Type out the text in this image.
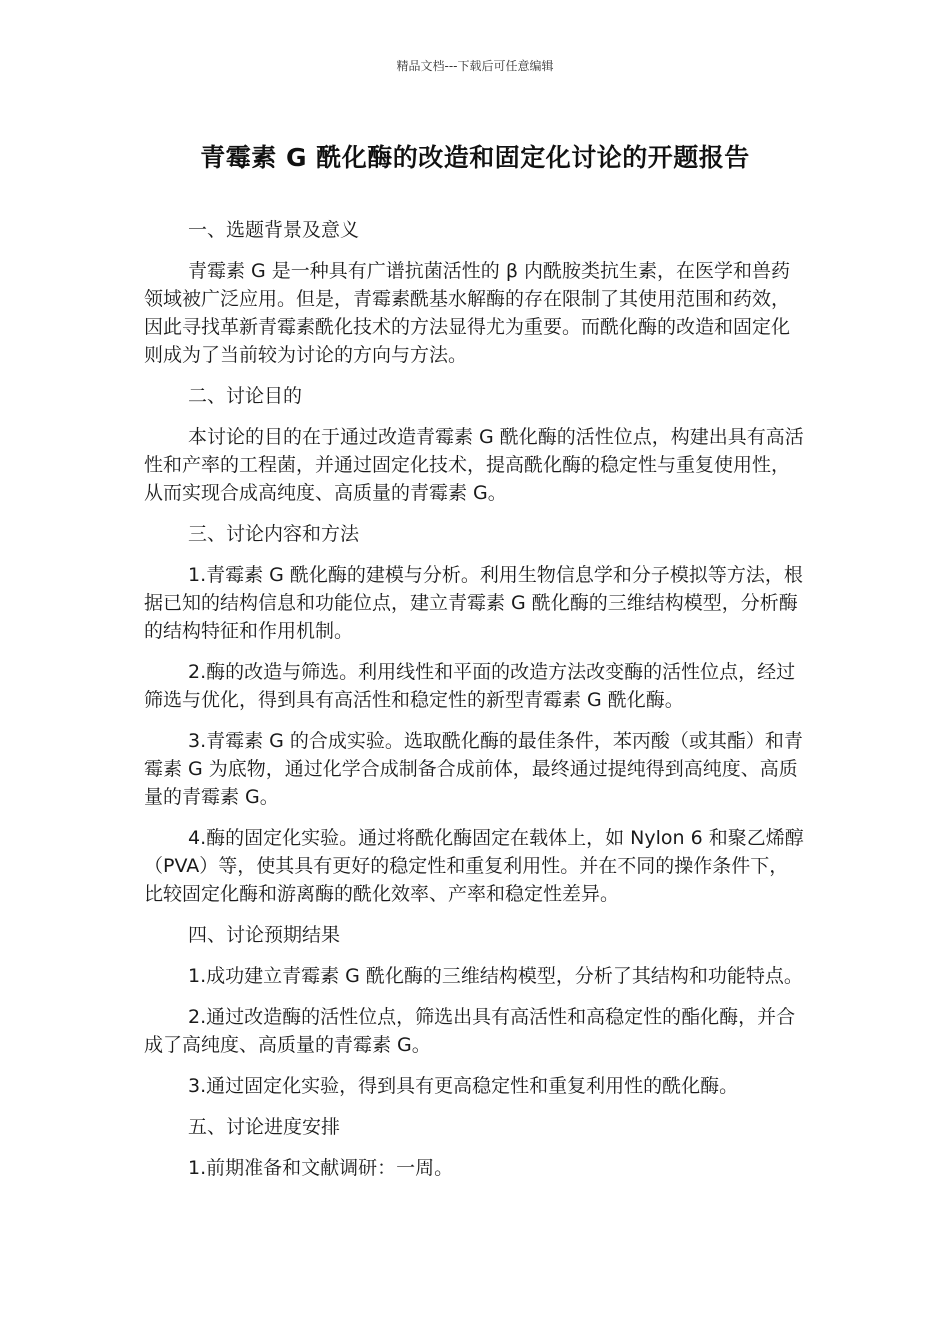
精品文档---下载后可任意编辑
青霉素 G 酰化酶的改造和固定化讨论的开题报告
一、选题背景及意义
青霉素 G 是一种具有广谱抗菌活性的 β 内酰胺类抗生素，在医学和兽药领域被广泛应用。但是，青霉素酰基水解酶的存在限制了其使用范围和药效，因此寻找革新青霉素酰化技术的方法显得尤为重要。而酰化酶的改造和固定化则成为了当前较为讨论的方向与方法。
二、讨论目的
本讨论的目的在于通过改造青霉素 G 酰化酶的活性位点，构建出具有高活性和产率的工程菌，并通过固定化技术，提高酰化酶的稳定性与重复使用性，从而实现合成高纯度、高质量的青霉素 G。
三、讨论内容和方法
1.青霉素 G 酰化酶的建模与分析。利用生物信息学和分子模拟等方法，根据已知的结构信息和功能位点，建立青霉素 G 酰化酶的三维结构模型，分析酶的结构特征和作用机制。
2.酶的改造与筛选。利用线性和平面的改造方法改变酶的活性位点，经过筛选与优化，得到具有高活性和稳定性的新型青霉素 G 酰化酶。
3.青霉素 G 的合成实验。选取酰化酶的最佳条件，苯丙酸（或其酯）和青霉素 G 为底物，通过化学合成制备合成前体，最终通过提纯得到高纯度、高质量的青霉素 G。
4.酶的固定化实验。通过将酰化酶固定在载体上，如 Nylon 6 和聚乙烯醇（PVA）等，使其具有更好的稳定性和重复利用性。并在不同的操作条件下，比较固定化酶和游离酶的酰化效率、产率和稳定性差异。
四、讨论预期结果
1.成功建立青霉素 G 酰化酶的三维结构模型，分析了其结构和功能特点。
2.通过改造酶的活性位点，筛选出具有高活性和高稳定性的酯化酶，并合成了高纯度、高质量的青霉素 G。
3.通过固定化实验，得到具有更高稳定性和重复利用性的酰化酶。
五、讨论进度安排
1.前期准备和文献调研：一周。
